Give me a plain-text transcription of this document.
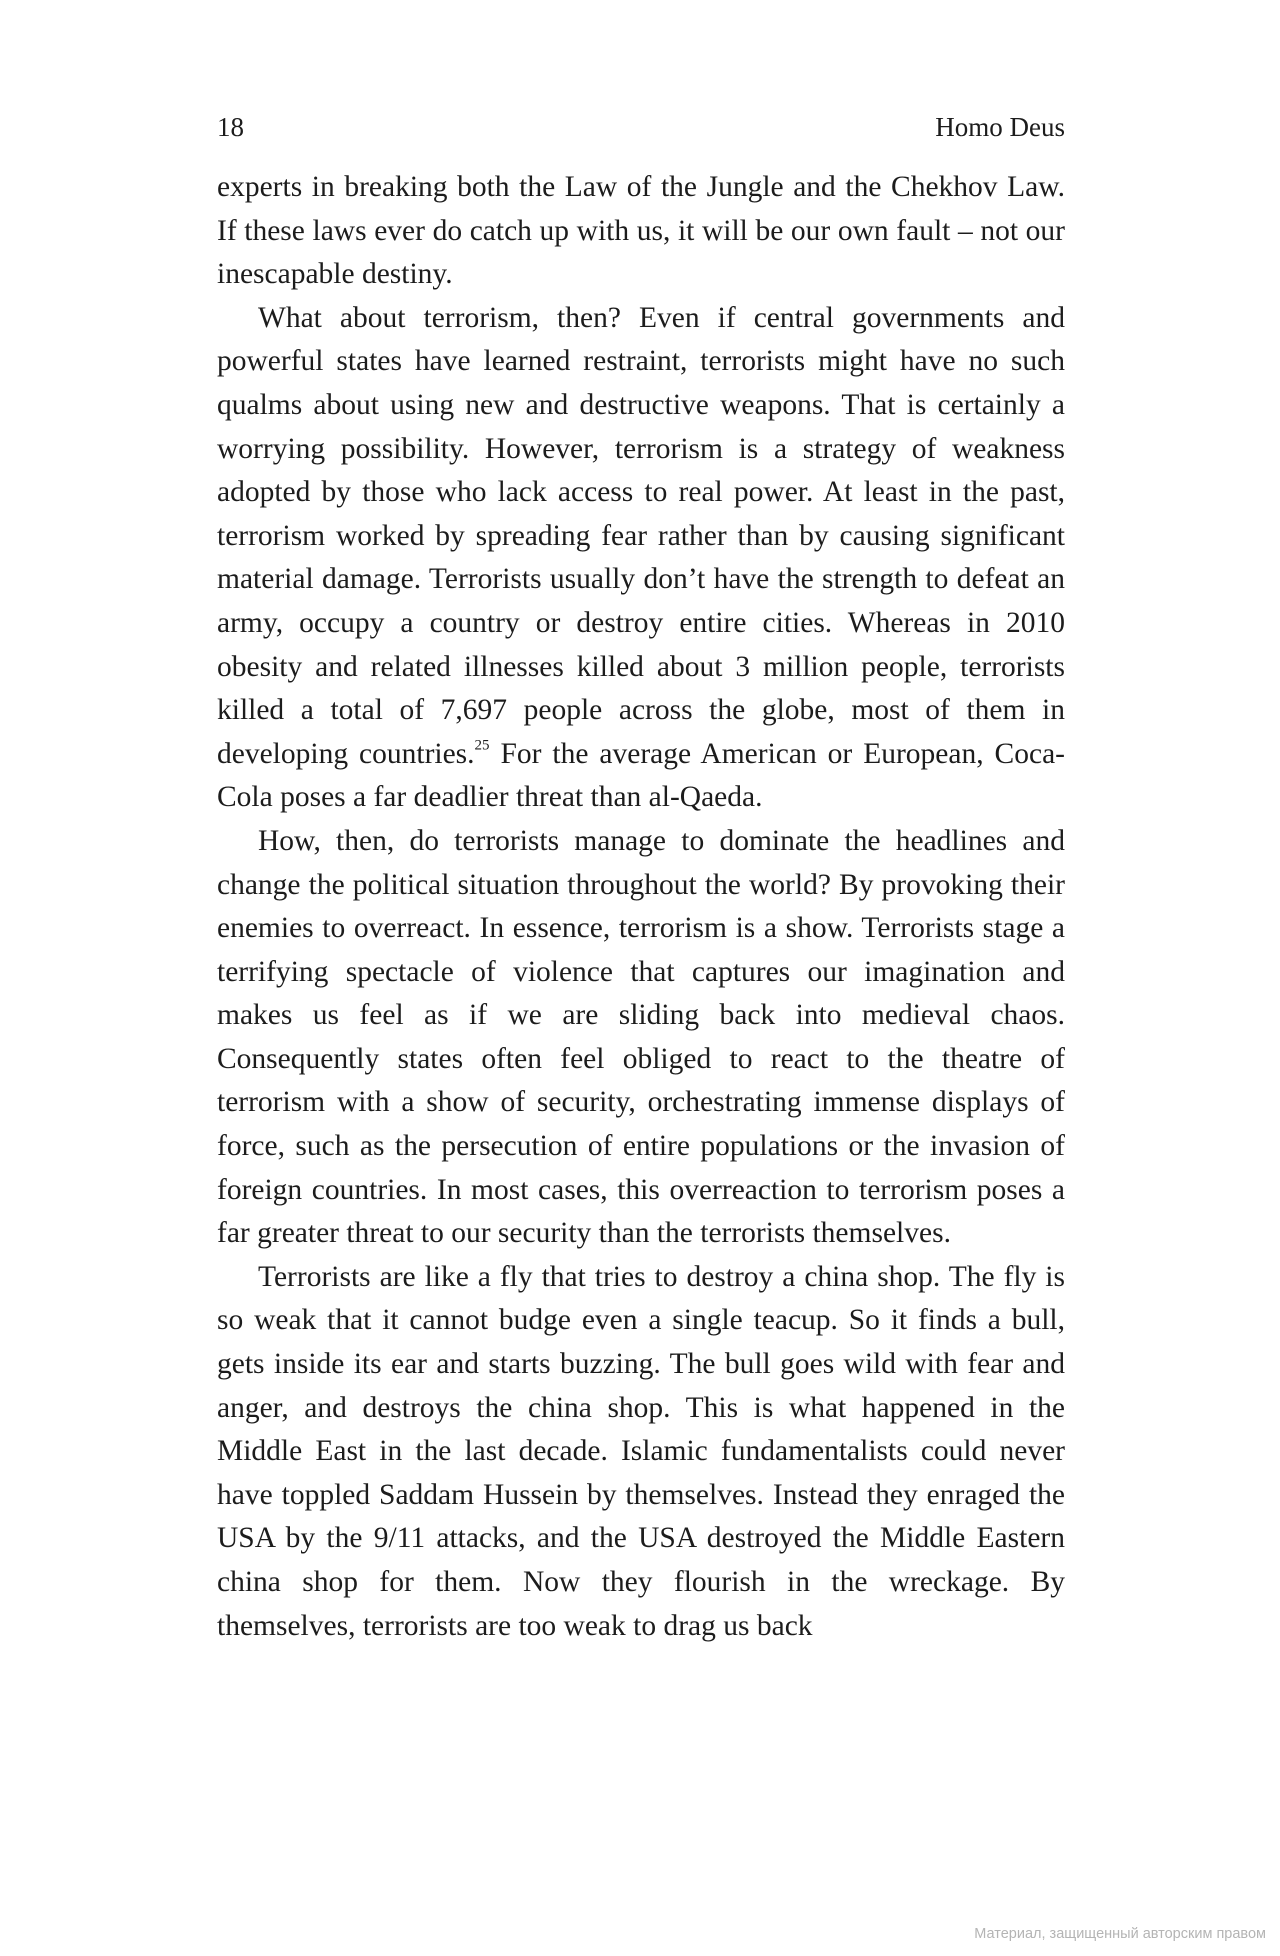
18	Homo Deus

experts in breaking both the Law of the Jungle and the Chekhov Law. If these laws ever do catch up with us, it will be our own fault – not our inescapable destiny.

What about terrorism, then? Even if central governments and powerful states have learned restraint, terrorists might have no such qualms about using new and destructive weapons. That is certainly a worrying possibility. However, terrorism is a strategy of weakness adopted by those who lack access to real power. At least in the past, terrorism worked by spreading fear rather than by causing significant material damage. Terrorists usually don’t have the strength to defeat an army, occupy a country or destroy entire cities. Whereas in 2010 obesity and related illnesses killed about 3 million people, terrorists killed a total of 7,697 people across the globe, most of them in developing countries.$^{25}$ For the average American or European, Coca-Cola poses a far deadlier threat than al-Qaeda.

How, then, do terrorists manage to dominate the headlines and change the political situation throughout the world? By provoking their enemies to overreact. In essence, terrorism is a show. Terrorists stage a terrifying spectacle of violence that captures our imagination and makes us feel as if we are sliding back into medieval chaos. Consequently states often feel obliged to react to the theatre of terrorism with a show of security, orchestrating immense displays of force, such as the persecution of entire populations or the invasion of foreign countries. In most cases, this overreaction to terrorism poses a far greater threat to our security than the terrorists themselves.

Terrorists are like a fly that tries to destroy a china shop. The fly is so weak that it cannot budge even a single teacup. So it finds a bull, gets inside its ear and starts buzzing. The bull goes wild with fear and anger, and destroys the china shop. This is what happened in the Middle East in the last decade. Islamic fundamentalists could never have toppled Saddam Hussein by themselves. Instead they enraged the USA by the 9/11 attacks, and the USA destroyed the Middle Eastern china shop for them. Now they flourish in the wreckage. By themselves, terrorists are too weak to drag us back

Материал, защищенный авторским правом
